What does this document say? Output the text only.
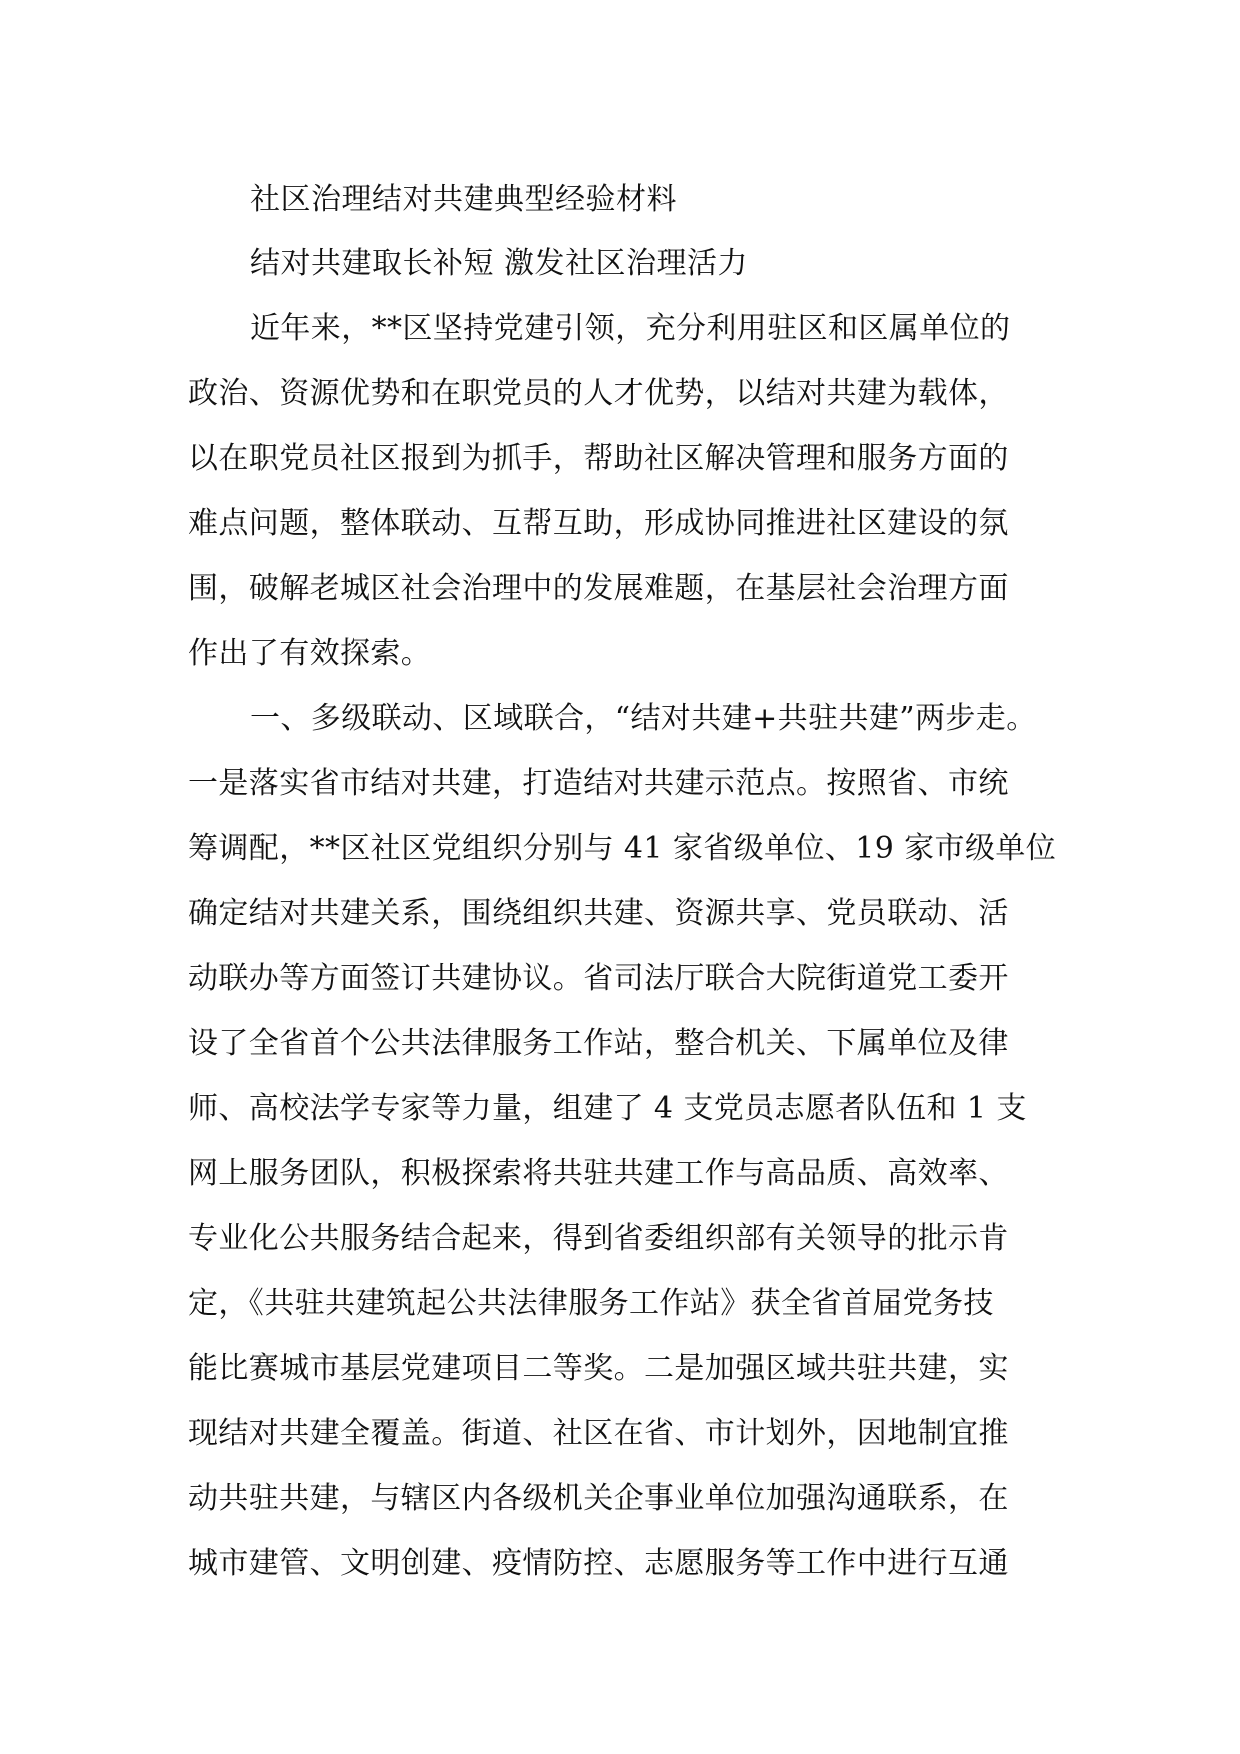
社区治理结对共建典型经验材料
结对共建取长补短 激发社区治理活力

近年来，**区坚持党建引领，充分利用驻区和区属单位的
政治、资源优势和在职党员的人才优势，以结对共建为载体，
以在职党员社区报到为抓手，帮助社区解决管理和服务方面的
难点问题，整体联动、互帮互助，形成协同推进社区建设的氛
围，破解老城区社会治理中的发展难题，在基层社会治理方面
作出了有效探索。

一、多级联动、区域联合，“结对共建+共驻共建”两步走。
一是落实省市结对共建，打造结对共建示范点。按照省、市统
筹调配，**区社区党组织分别与 41 家省级单位、19 家市级单位
确定结对共建关系，围绕组织共建、资源共享、党员联动、活
动联办等方面签订共建协议。省司法厅联合大院街道党工委开
设了全省首个公共法律服务工作站，整合机关、下属单位及律
师、高校法学专家等力量，组建了 4 支党员志愿者队伍和 1 支
网上服务团队，积极探索将共驻共建工作与高品质、高效率、
专业化公共服务结合起来，得到省委组织部有关领导的批示肯
定，《共驻共建筑起公共法律服务工作站》获全省首届党务技
能比赛城市基层党建项目二等奖。二是加强区域共驻共建，实
现结对共建全覆盖。街道、社区在省、市计划外，因地制宜推
动共驻共建，与辖区内各级机关企事业单位加强沟通联系，在
城市建管、文明创建、疫情防控、志愿服务等工作中进行互通
